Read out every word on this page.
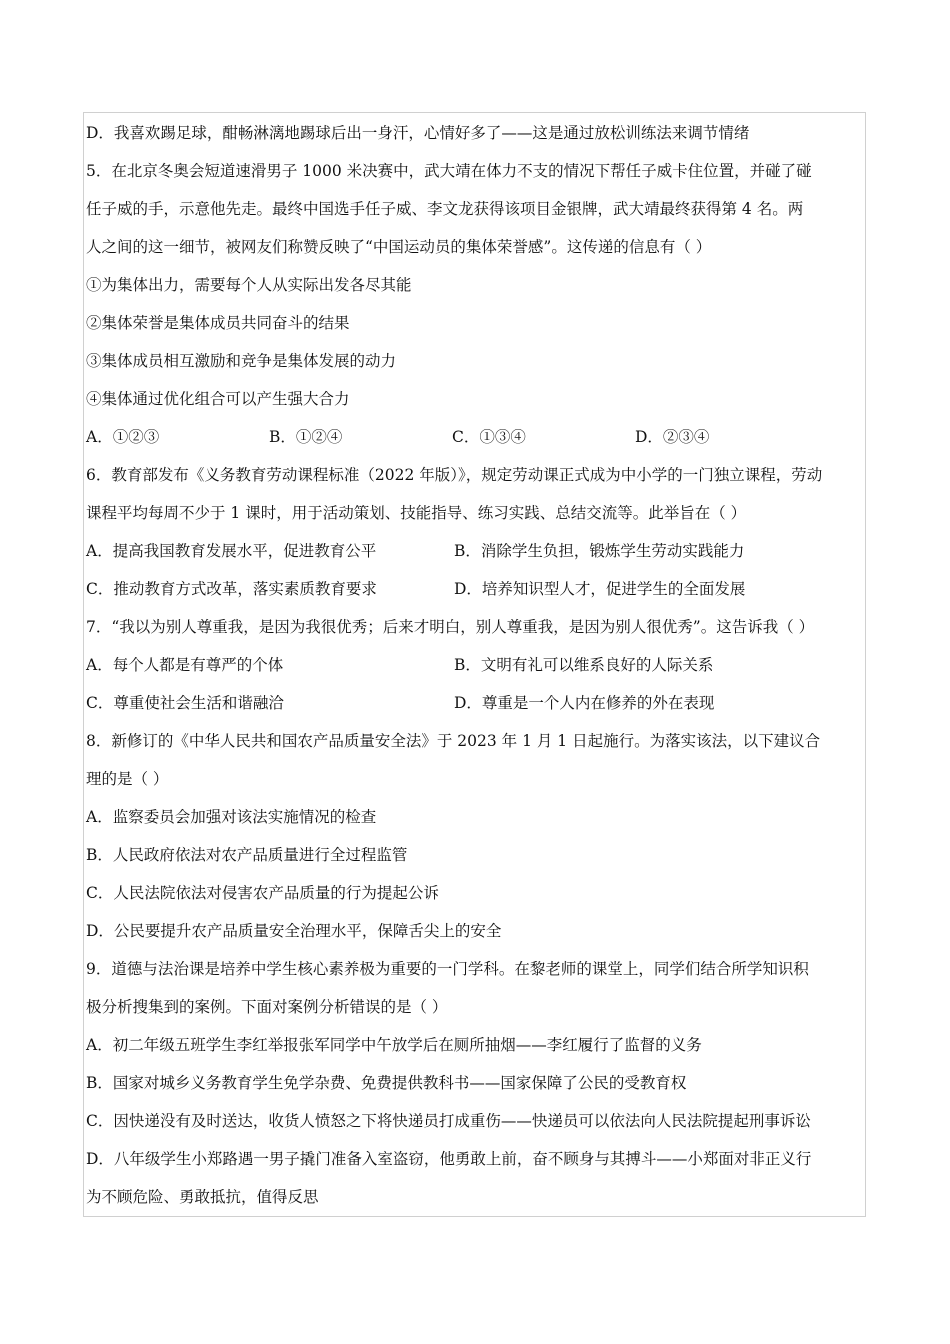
D．我喜欢踢足球，酣畅淋漓地踢球后出一身汗，心情好多了——这是通过放松训练法来调节情绪
5．在北京冬奥会短道速滑男子 1000 米决赛中，武大靖在体力不支的情况下帮任子威卡住位置，并碰了碰
任子威的手，示意他先走。最终中国选手任子威、李文龙获得该项目金银牌，武大靖最终获得第 4 名。两
人之间的这一细节，被网友们称赞反映了“中国运动员的集体荣誉感”。这传递的信息有（ ）
①为集体出力，需要每个人从实际出发各尽其能
②集体荣誉是集体成员共同奋斗的结果
③集体成员相互激励和竞争是集体发展的动力
④集体通过优化组合可以产生强大合力
A．①②③	B．①②④	C．①③④	D．②③④
6．教育部发布《义务教育劳动课程标准（2022 年版）》，规定劳动课正式成为中小学的一门独立课程，劳动
课程平均每周不少于 1 课时，用于活动策划、技能指导、练习实践、总结交流等。此举旨在（ ）
A．提高我国教育发展水平，促进教育公平	B．消除学生负担，锻炼学生劳动实践能力
C．推动教育方式改革，落实素质教育要求	D．培养知识型人才，促进学生的全面发展
7．“我以为别人尊重我，是因为我很优秀；后来才明白，别人尊重我，是因为别人很优秀”。这告诉我（ ）
A．每个人都是有尊严的个体	B．文明有礼可以维系良好的人际关系
C．尊重使社会生活和谐融洽	D．尊重是一个人内在修养的外在表现
8．新修订的《中华人民共和国农产品质量安全法》于 2023 年 1 月 1 日起施行。为落实该法，以下建议合
理的是（ ）
A．监察委员会加强对该法实施情况的检查
B．人民政府依法对农产品质量进行全过程监管
C．人民法院依法对侵害农产品质量的行为提起公诉
D．公民要提升农产品质量安全治理水平，保障舌尖上的安全
9．道德与法治课是培养中学生核心素养极为重要的一门学科。在黎老师的课堂上，同学们结合所学知识积
极分析搜集到的案例。下面对案例分析错误的是（ ）
A．初二年级五班学生李红举报张军同学中午放学后在厕所抽烟——李红履行了监督的义务
B．国家对城乡义务教育学生免学杂费、免费提供教科书——国家保障了公民的受教育权
C．因快递没有及时送达，收货人愤怒之下将快递员打成重伤——快递员可以依法向人民法院提起刑事诉讼
D．八年级学生小郑路遇一男子撬门准备入室盗窃，他勇敢上前，奋不顾身与其搏斗——小郑面对非正义行
为不顾危险、勇敢抵抗，值得反思
